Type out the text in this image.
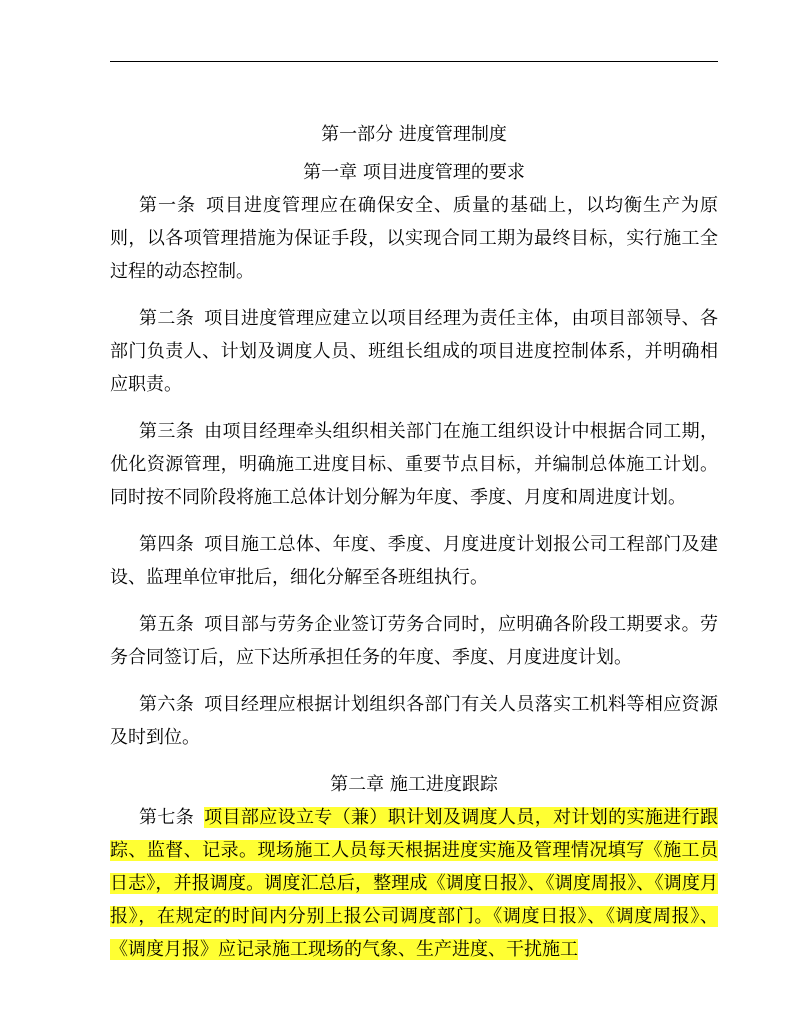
第一部分 进度管理制度

第一章 项目进度管理的要求

第一条 项目进度管理应在确保安全、质量的基础上，以均衡生产为原则，以各项管理措施为保证手段，以实现合同工期为最终目标，实行施工全过程的动态控制。

第二条 项目进度管理应建立以项目经理为责任主体，由项目部领导、各部门负责人、计划及调度人员、班组长组成的项目进度控制体系，并明确相应职责。

第三条 由项目经理牵头组织相关部门在施工组织设计中根据合同工期，优化资源管理，明确施工进度目标、重要节点目标，并编制总体施工计划。同时按不同阶段将施工总体计划分解为年度、季度、月度和周进度计划。

第四条 项目施工总体、年度、季度、月度进度计划报公司工程部门及建设、监理单位审批后，细化分解至各班组执行。

第五条 项目部与劳务企业签订劳务合同时，应明确各阶段工期要求。劳务合同签订后，应下达所承担任务的年度、季度、月度进度计划。

第六条 项目经理应根据计划组织各部门有关人员落实工机料等相应资源及时到位。

第二章 施工进度跟踪

第七条 项目部应设立专（兼）职计划及调度人员，对计划的实施进行跟踪、监督、记录。现场施工人员每天根据进度实施及管理情况填写《施工员日志》，并报调度。调度汇总后，整理成《调度日报》、《调度周报》、《调度月报》，在规定的时间内分别上报公司调度部门。《调度日报》、《调度周报》、《调度月报》应记录施工现场的气象、生产进度、干扰施工
